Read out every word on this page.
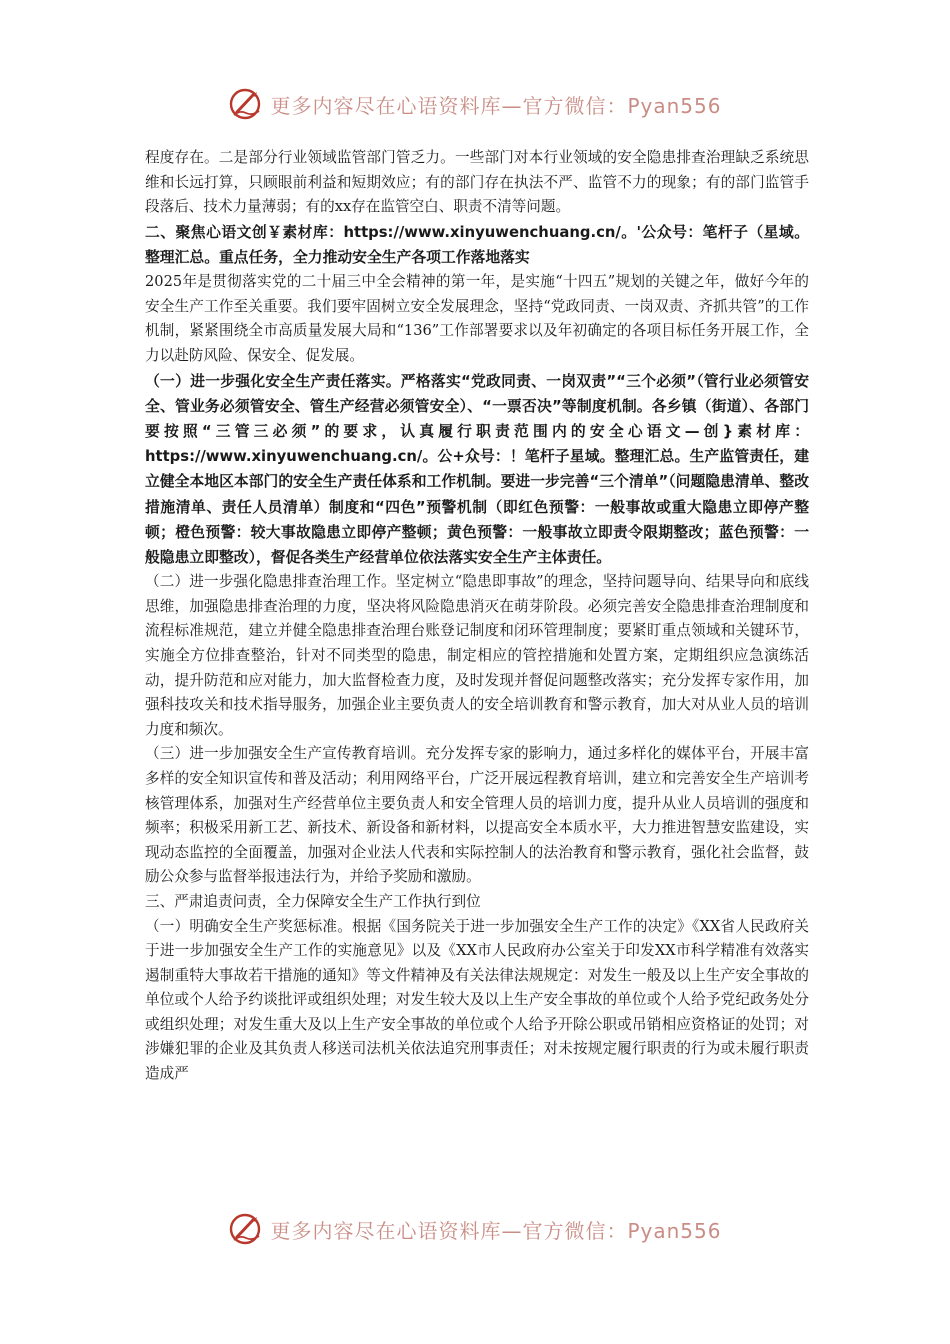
更多内容尽在心语资料库—官方微信：Pyan556

程度存在。二是部分行业领域监管部门管乏力。一些部门对本行业领域的安全隐患排查治理缺乏系统思维和长远打算，只顾眼前利益和短期效应；有的部门存在执法不严、监管不力的现象；有的部门监管手段落后、技术力量薄弱；有的xx存在监管空白、职责不清等问题。

二、聚焦心语文创￥素材库：https://www.xinyuwenchuang.cn/。'公众号：笔杆子（星域。整理汇总。重点任务，全力推动安全生产各项工作落地落实

2025年是贯彻落实党的二十届三中全会精神的第一年，是实施“十四五”规划的关键之年，做好今年的安全生产工作至关重要。我们要牢固树立安全发展理念，坚持“党政同责、一岗双责、齐抓共管”的工作机制，紧紧围绕全市高质量发展大局和“136”工作部署要求以及年初确定的各项目标任务开展工作，全力以赴防风险、保安全、促发展。

（一）进一步强化安全生产责任落实。严格落实“党政同责、一岗双责”“三个必须”（管行业必须管安全、管业务必须管安全、管生产经营必须管安全）、“一票否决”等制度机制。各乡镇（街道）、各部门要按照“三管三必须”的要求，认真履行职责范围内的安全心语文—创}素材库：https://www.xinyuwenchuang.cn/。公+众号：！笔杆子星域。整理汇总。生产监管责任，建立健全本地区本部门的安全生产责任体系和工作机制。要进一步完善“三个清单”（问题隐患清单、整改措施清单、责任人员清单）制度和“四色”预警机制（即红色预警：一般事故或重大隐患立即停产整顿；橙色预警：较大事故隐患立即停产整顿；黄色预警：一般事故立即责令限期整改；蓝色预警：一般隐患立即整改），督促各类生产经营单位依法落实安全生产主体责任。

（二）进一步强化隐患排查治理工作。坚定树立“隐患即事故”的理念，坚持问题导向、结果导向和底线思维，加强隐患排查治理的力度，坚决将风险隐患消灭在萌芽阶段。必须完善安全隐患排查治理制度和流程标准规范，建立并健全隐患排查治理台账登记制度和闭环管理制度；要紧盯重点领域和关键环节，实施全方位排查整治，针对不同类型的隐患，制定相应的管控措施和处置方案，定期组织应急演练活动，提升防范和应对能力，加大监督检查力度，及时发现并督促问题整改落实；充分发挥专家作用，加强科技攻关和技术指导服务，加强企业主要负责人的安全培训教育和警示教育，加大对从业人员的培训力度和频次。

（三）进一步加强安全生产宣传教育培训。充分发挥专家的影响力，通过多样化的媒体平台，开展丰富多样的安全知识宣传和普及活动；利用网络平台，广泛开展远程教育培训，建立和完善安全生产培训考核管理体系，加强对生产经营单位主要负责人和安全管理人员的培训力度，提升从业人员培训的强度和频率；积极采用新工艺、新技术、新设备和新材料，以提高安全本质水平，大力推进智慧安监建设，实现动态监控的全面覆盖，加强对企业法人代表和实际控制人的法治教育和警示教育，强化社会监督，鼓励公众参与监督举报违法行为，并给予奖励和激励。

三、严肃追责问责，全力保障安全生产工作执行到位

（一）明确安全生产奖惩标准。根据《国务院关于进一步加强安全生产工作的决定》《XX省人民政府关于进一步加强安全生产工作的实施意见》以及《XX市人民政府办公室关于印发XX市科学精准有效落实遏制重特大事故若干措施的通知》等文件精神及有关法律法规规定：对发生一般及以上生产安全事故的单位或个人给予约谈批评或组织处理；对发生较大及以上生产安全事故的单位或个人给予党纪政务处分或组织处理；对发生重大及以上生产安全事故的单位或个人给予开除公职或吊销相应资格证的处罚；对涉嫌犯罪的企业及其负责人移送司法机关依法追究刑事责任；对未按规定履行职责的行为或未履行职责造成严

更多内容尽在心语资料库—官方微信：Pyan556
